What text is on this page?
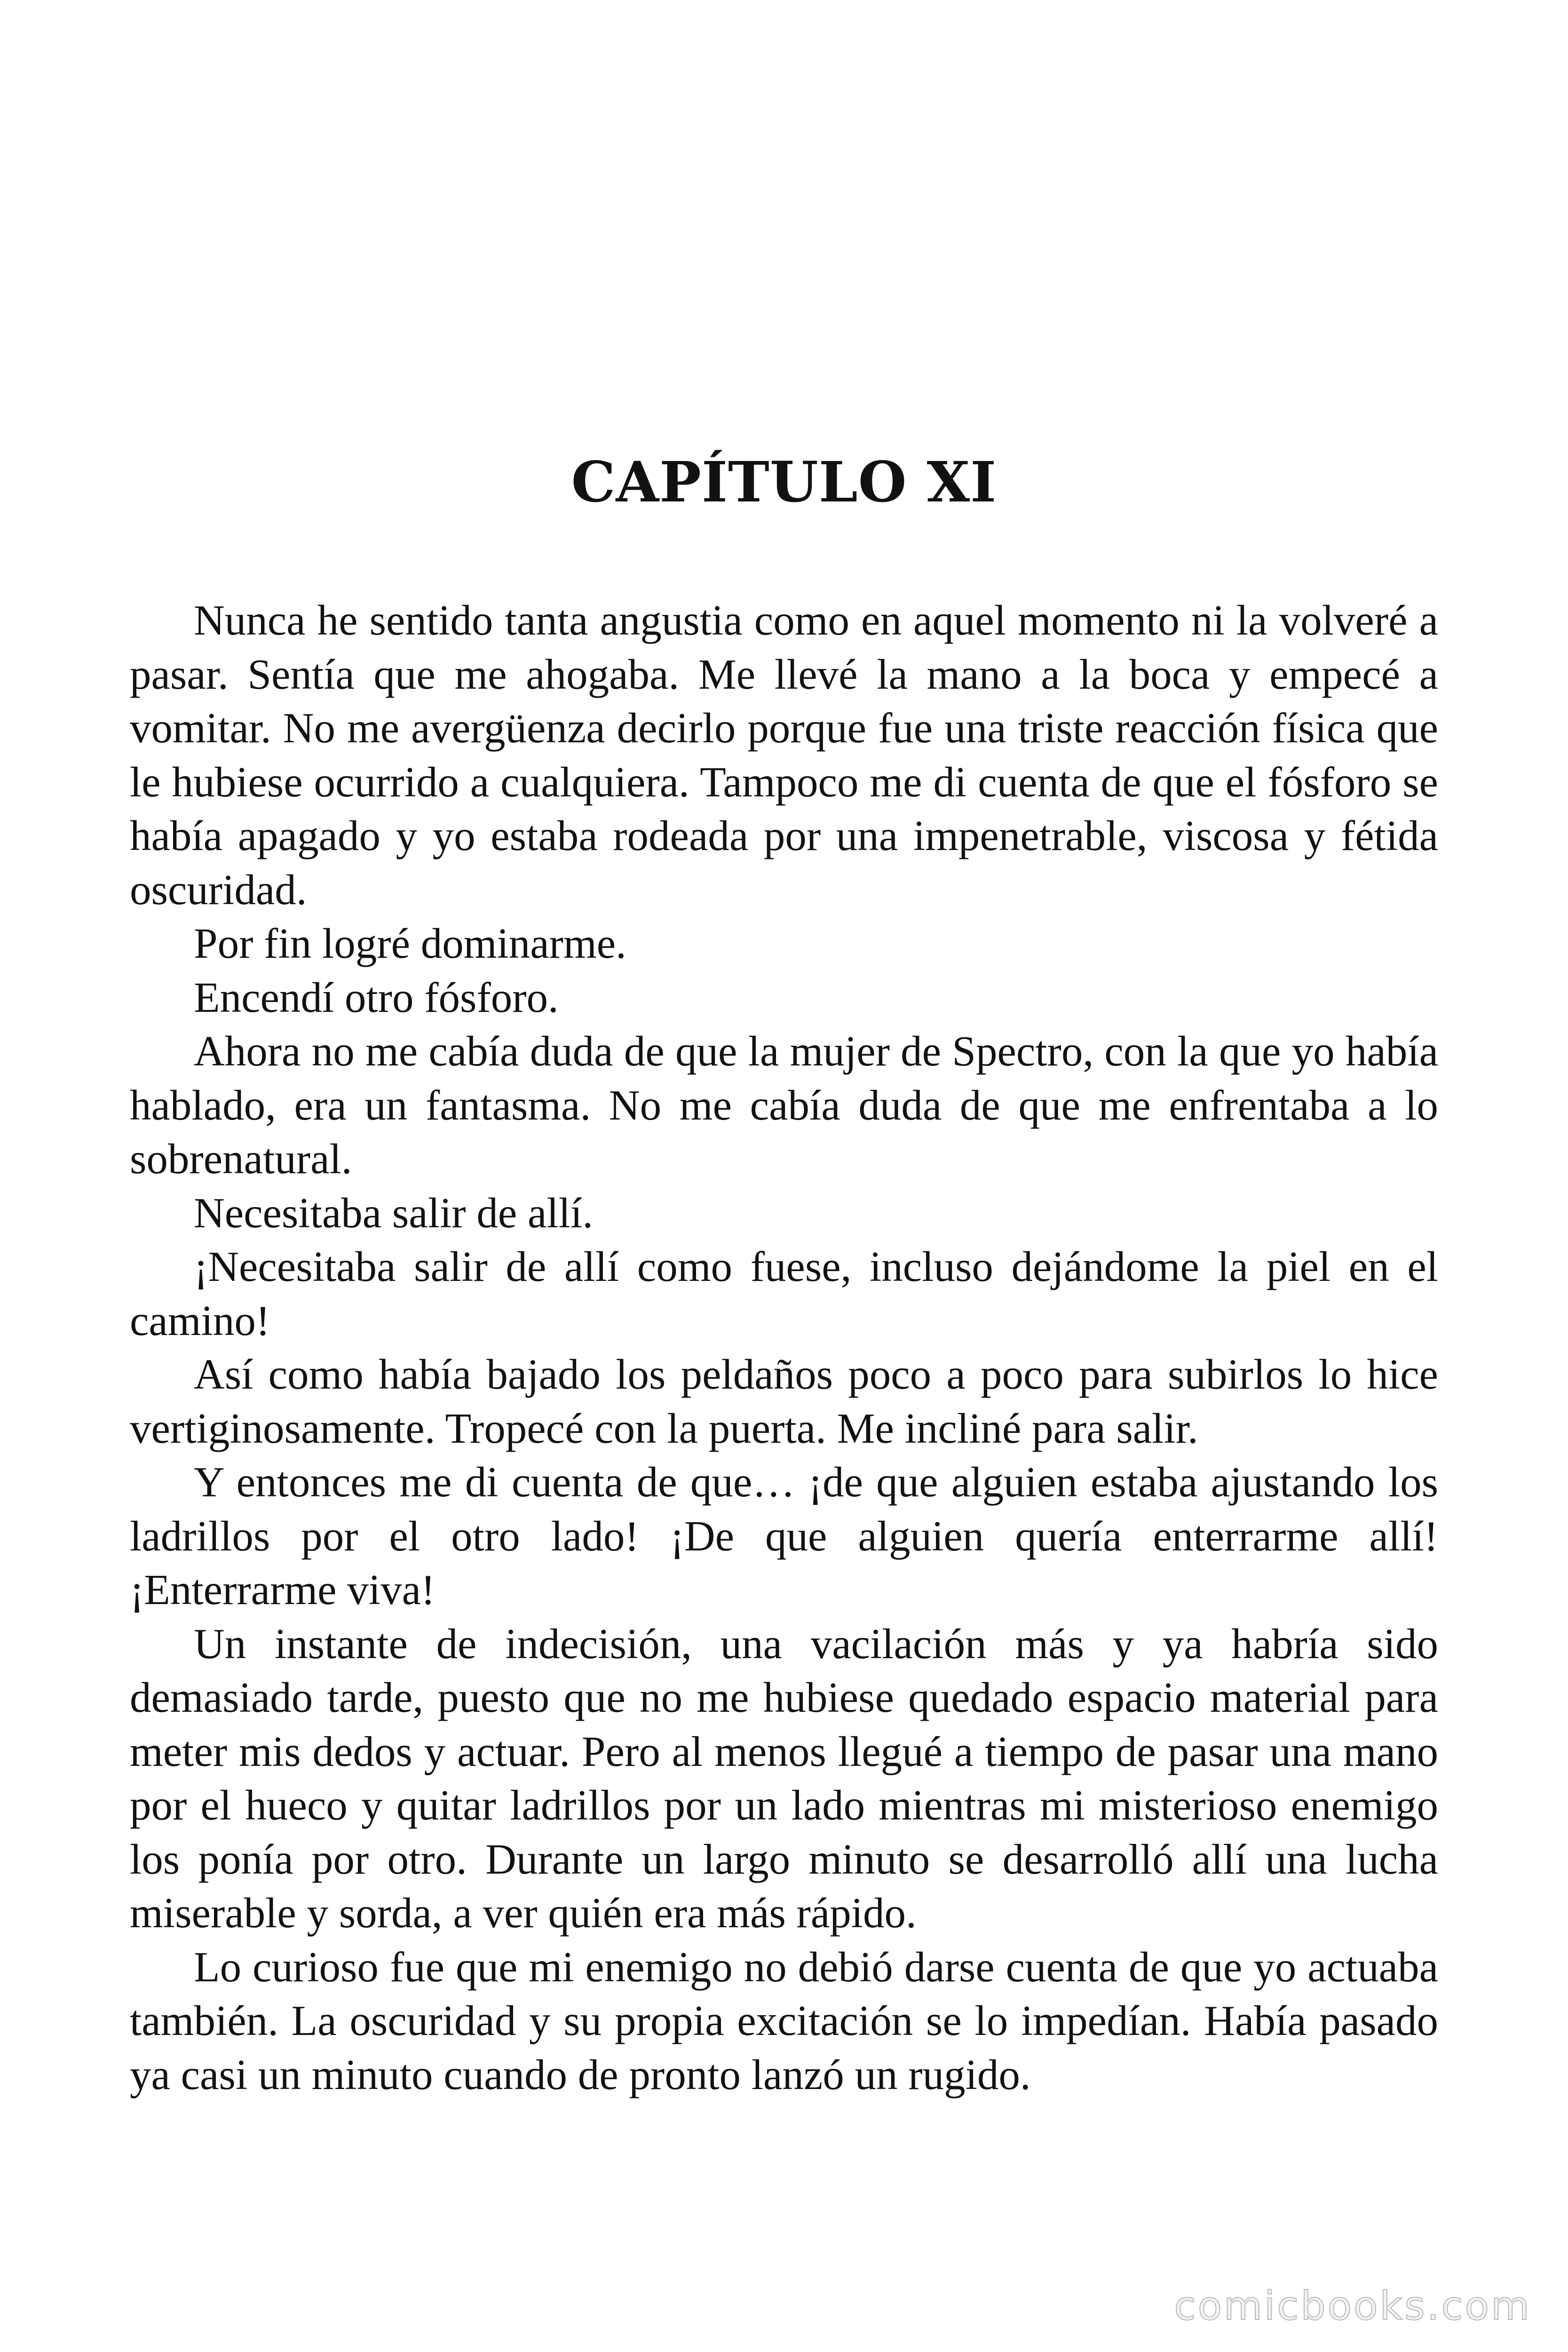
CAPÍTULO XI

Nunca he sentido tanta angustia como en aquel momento ni la volveré a pasar. Sentía que me ahogaba. Me llevé la mano a la boca y empecé a vomitar. No me avergüenza decirlo porque fue una triste reacción física que le hubiese ocurrido a cualquiera. Tampoco me di cuenta de que el fósforo se había apagado y yo estaba rodeada por una impenetrable, viscosa y fétida oscuridad.

Por fin logré dominarme.

Encendí otro fósforo.

Ahora no me cabía duda de que la mujer de Spectro, con la que yo había hablado, era un fantasma. No me cabía duda de que me enfrentaba a lo sobrenatural.

Necesitaba salir de allí.

¡Necesitaba salir de allí como fuese, incluso dejándome la piel en el camino!

Así como había bajado los peldaños poco a poco para subirlos lo hice vertiginosamente. Tropecé con la puerta. Me incliné para salir.

Y entonces me di cuenta de que… ¡de que alguien estaba ajustando los ladrillos por el otro lado! ¡De que alguien quería enterrarme allí! ¡Enterrarme viva!

Un instante de indecisión, una vacilación más y ya habría sido demasiado tarde, puesto que no me hubiese quedado espacio material para meter mis dedos y actuar. Pero al menos llegué a tiempo de pasar una mano por el hueco y quitar ladrillos por un lado mientras mi misterioso enemigo los ponía por otro. Durante un largo minuto se desarrolló allí una lucha miserable y sorda, a ver quién era más rápido.

Lo curioso fue que mi enemigo no debió darse cuenta de que yo actuaba también. La oscuridad y su propia excitación se lo impedían. Había pasado ya casi un minuto cuando de pronto lanzó un rugido.

comicbooks.com
